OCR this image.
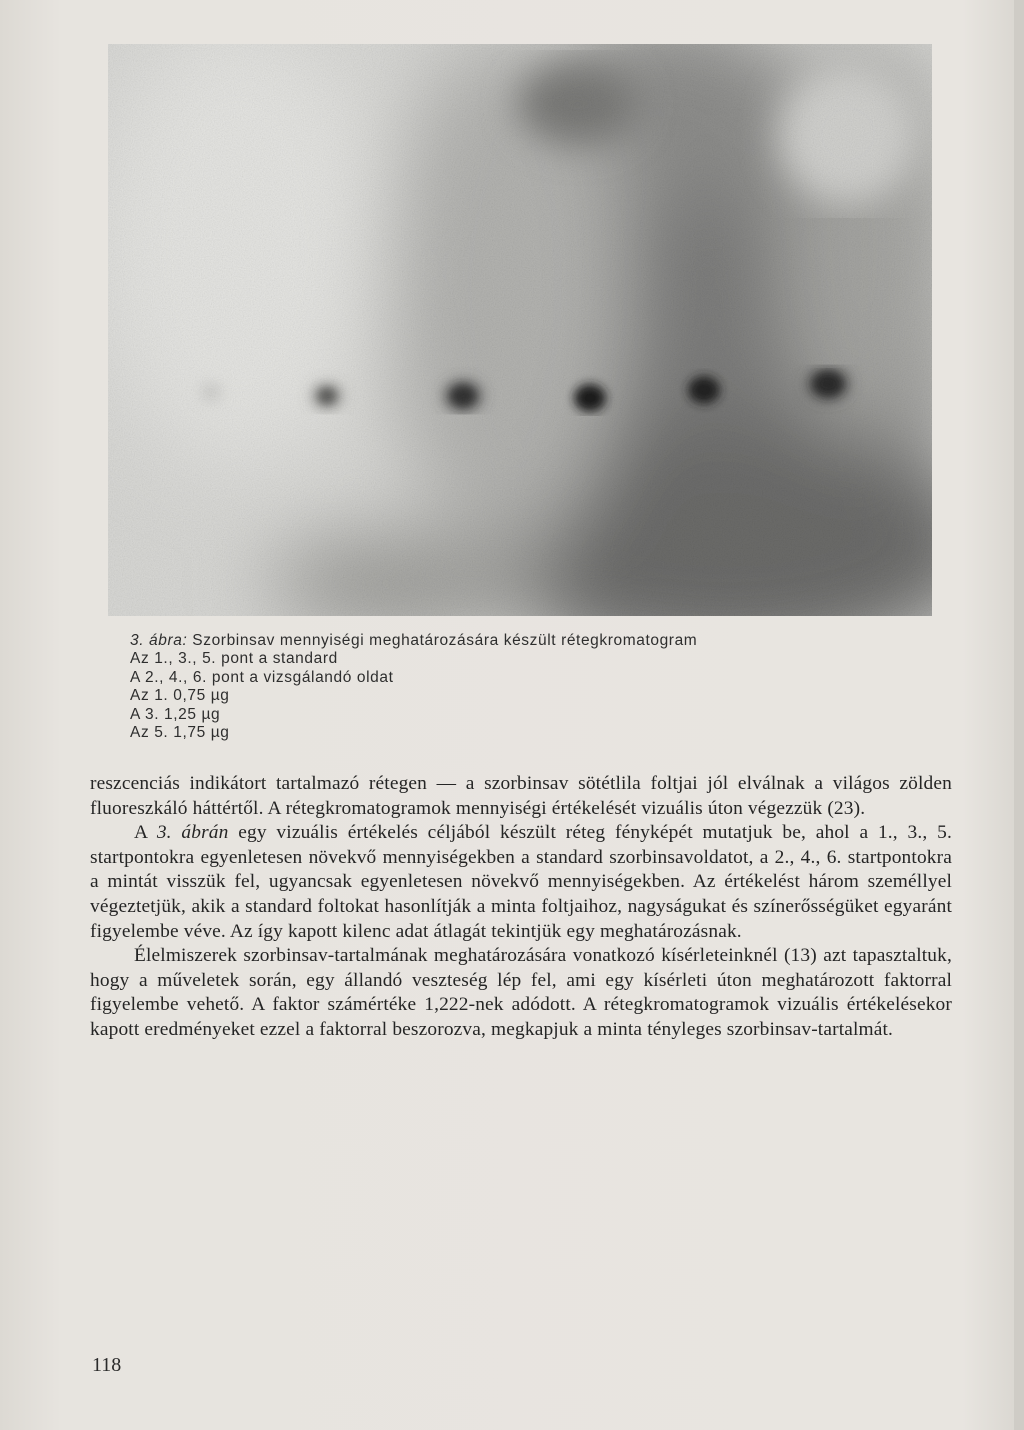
3. ábra: Szorbinsav mennyiségi meghatározására készült rétegkromatogram
Az 1., 3., 5. pont a standard
A 2., 4., 6. pont a vizsgálandó oldat
Az 1. 0,75 µg
A 3. 1,25 µg
Az 5. 1,75 µg

reszcenciás indikátort tartalmazó rétegen — a szorbinsav sötétlila foltjai jól elválnak a világos zölden fluoreszkáló háttértől. A rétegkromatogramok mennyiségi értékelését vizuális úton végezzük (23).

A 3. ábrán egy vizuális értékelés céljából készült réteg fényképét mutatjuk be, ahol a 1., 3., 5. startpontokra egyenletesen növekvő mennyiségekben a standard szorbinsavoldatot, a 2., 4., 6. startpontokra a mintát visszük fel, ugyancsak egyenletesen növekvő mennyiségekben. Az értékelést három személlyel végeztetjük, akik a standard foltokat hasonlítják a minta foltjaihoz, nagyságukat és színerősségüket egyaránt figyelembe véve. Az így kapott kilenc adat átlagát tekintjük egy meghatározásnak.

Élelmiszerek szorbinsav-tartalmának meghatározására vonatkozó kísérleteinknél (13) azt tapasztaltuk, hogy a műveletek során, egy állandó veszteség lép fel, ami egy kísérleti úton meghatározott faktorral figyelembe vehető. A faktor számértéke 1,222-nek adódott. A rétegkromatogramok vizuális értékelésekor kapott eredményeket ezzel a faktorral beszorozva, megkapjuk a minta tényleges szorbinsav-tartalmát.

118
